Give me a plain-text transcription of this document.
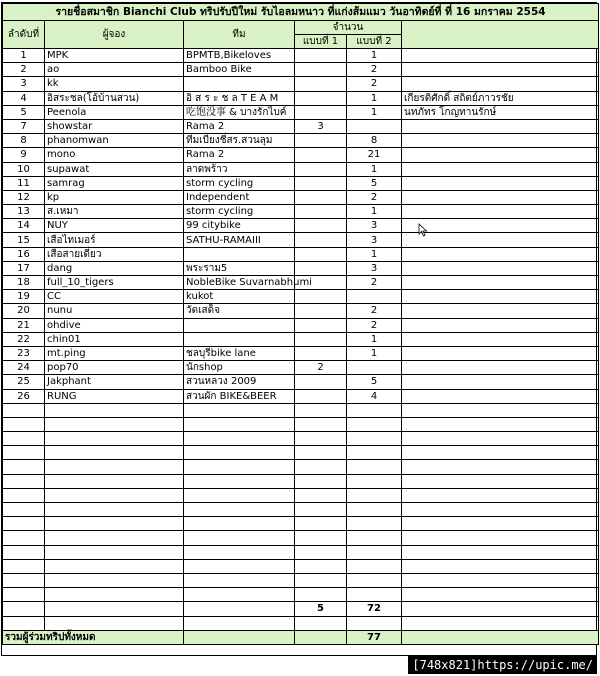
รายชื่อสมาชิก Bianchi Club ทริปรับปีใหม่ รับไอลมหนาว ที่แก่งส้มแมว วันอาทิตย์ที่ ที่ 16 มกราคม 2554					
ลำดับที่	ผู้จอง	ทีม	จำนวน		
			แบบที่ 1	แบบที่ 2	
1	MPK	BPMTB,Bikeloves		1	
2	ao	Bamboo Bike		2	
3	kk			2	
4	อิสระชล(โอ้บ้านสวน)	อิ ส ร ะ ช ล T E A M		1	เกียรติศักดิ์ สถิตย์ภาวรชัย
5	Peenola	吃饱没事 & บางรักไบค์		1	นทภัทร โกญทานรักษ์
7	showstar	Rama 2	3		
8	phanomwan	ทีมเบียงชี่สร.สวนลุม		8	
9	mono	Rama 2		21	
10	supawat	ลาดพร้าว		1	
11	samrag	storm cycling		5	
12	kp	Independent		2	
13	ส.เหมา	storm cycling		1	
14	NUY	99 citybike		3	
15	เสือไทเมอร์	SATHU-RAMAIII		3	
16	เสือสายเดี่ยว			1	
17	dang	พระราม5		3	
18	full_10_tigers	NobleBike Suvarnabhumi		2	
19	CC	kukot			
20	nunu	วัดเสด็จ		2	
21	ohdive			2	
22	chin01			1	
23	mt.ping	ชลบุรีbike lane		1	
24	pop70	นักshop	2		
25	Jakphant	สวนหลวง 2009		5	
26	RUNG	สวนผัก BIKE&BEER		4	

			5	72	

รวมผู้ร่วมทริปทั้งหมด				77	
[748x821]https://upic.me/
